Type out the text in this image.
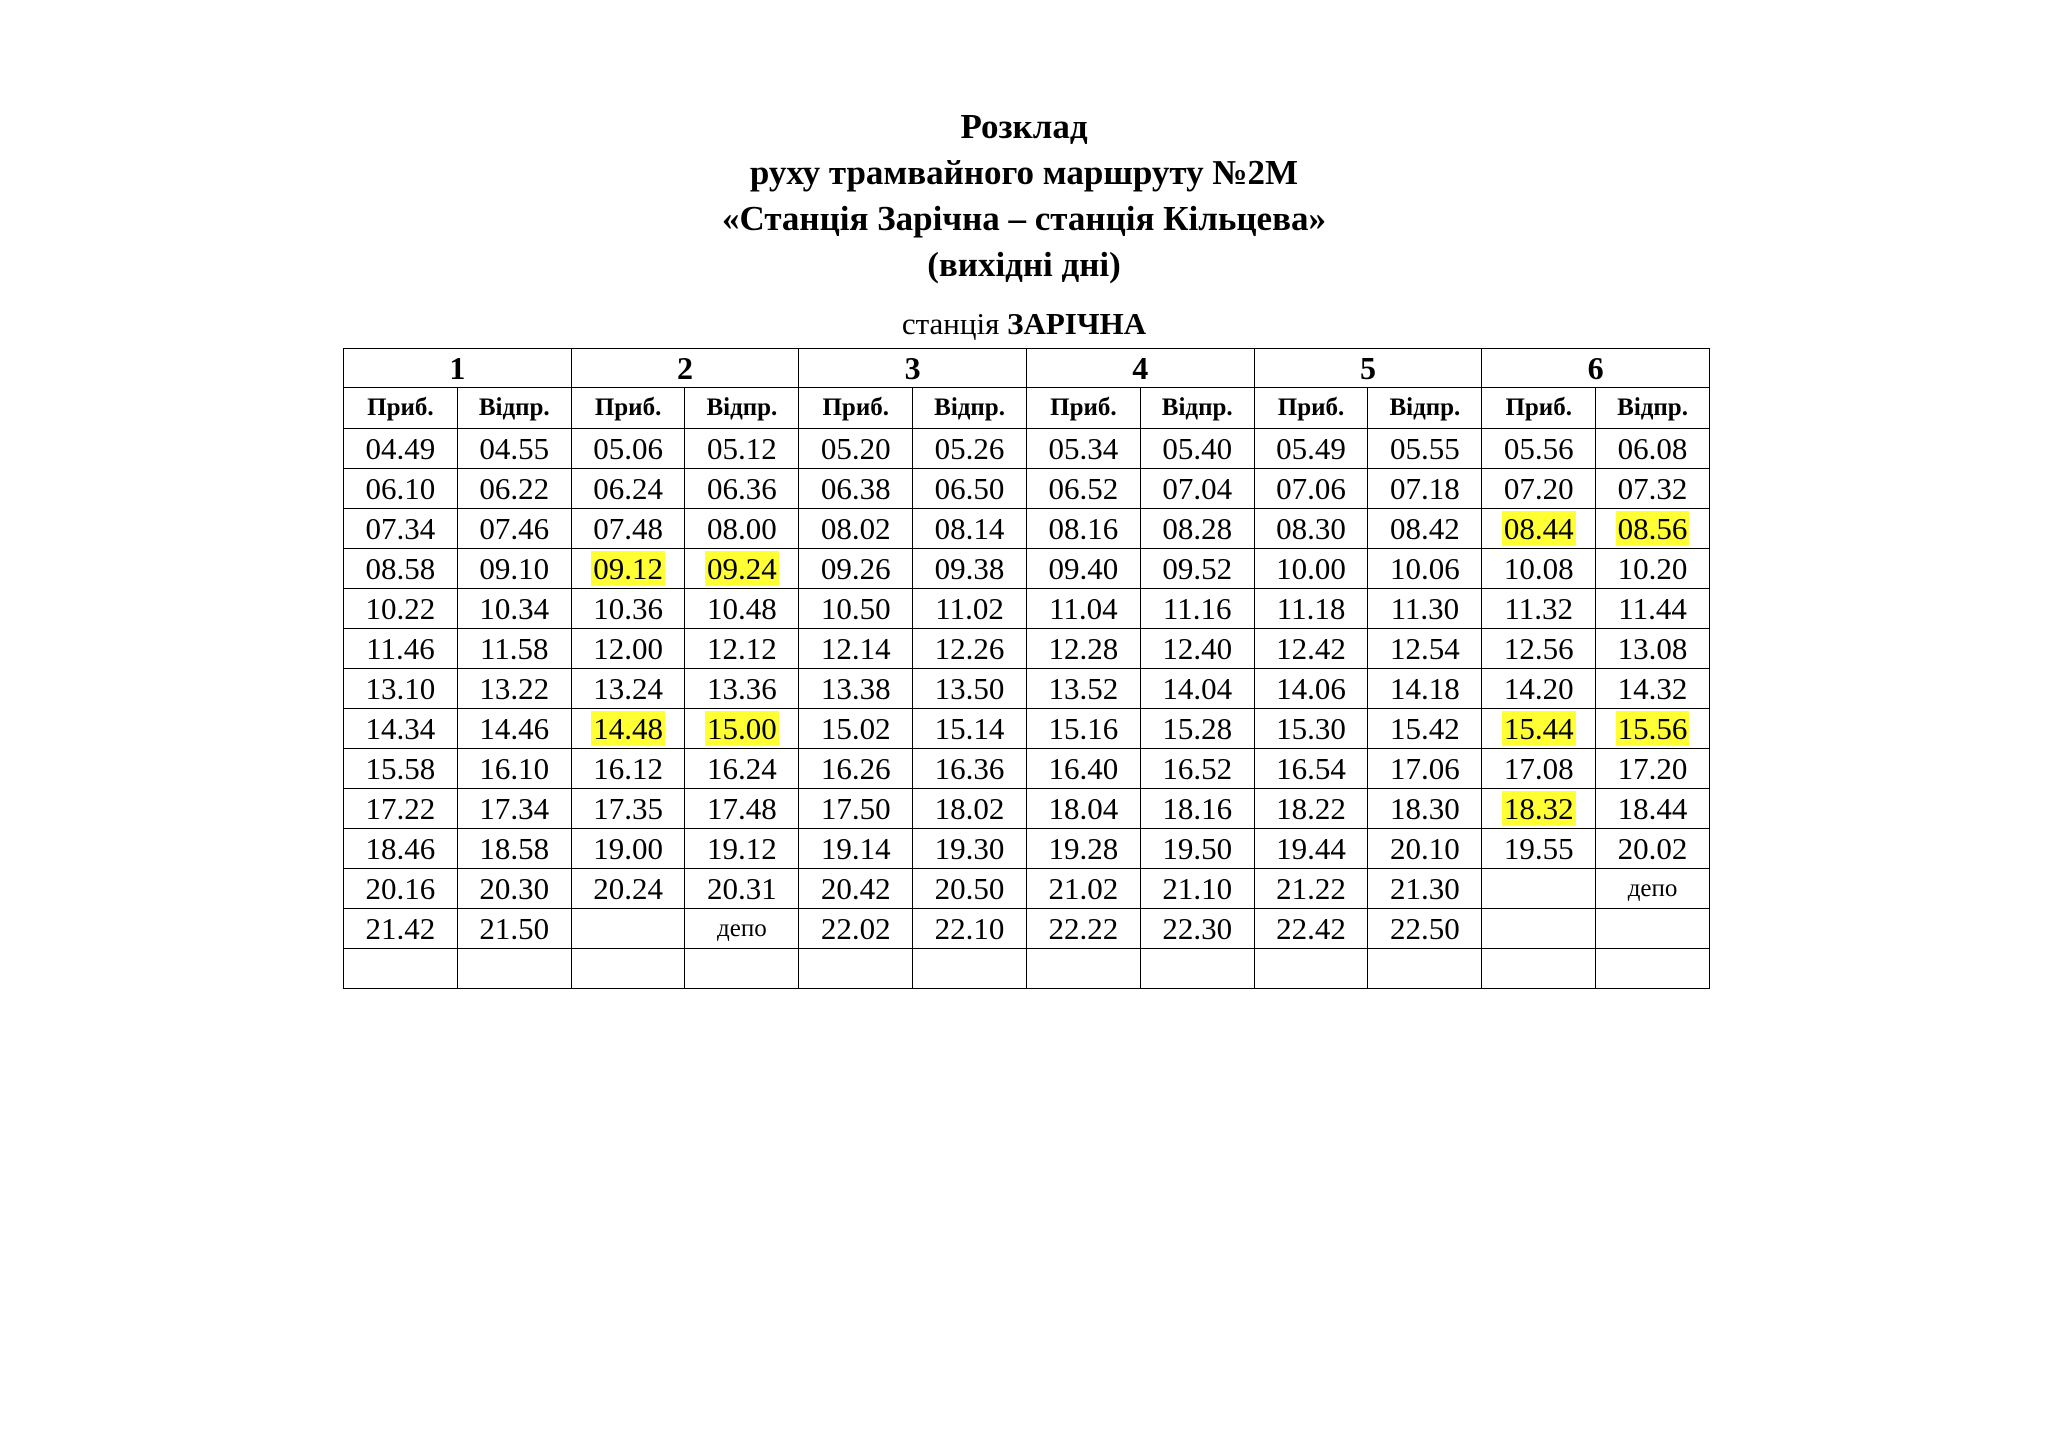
Розклад
руху трамвайного маршруту №2М
«Станція Зарічна – станція Кільцева»
(вихідні дні)
станція ЗАРІЧНА
1		2		3		4		5		6	
Приб.	Відпр.	Приб.	Відпр.	Приб.	Відпр.	Приб.	Відпр.	Приб.	Відпр.	Приб.	Відпр.
04.49	04.55	05.06	05.12	05.20	05.26	05.34	05.40	05.49	05.55	05.56	06.08
06.10	06.22	06.24	06.36	06.38	06.50	06.52	07.04	07.06	07.18	07.20	07.32
07.34	07.46	07.48	08.00	08.02	08.14	08.16	08.28	08.30	08.42	08.44	08.56
08.58	09.10	09.12	09.24	09.26	09.38	09.40	09.52	10.00	10.06	10.08	10.20
10.22	10.34	10.36	10.48	10.50	11.02	11.04	11.16	11.18	11.30	11.32	11.44
11.46	11.58	12.00	12.12	12.14	12.26	12.28	12.40	12.42	12.54	12.56	13.08
13.10	13.22	13.24	13.36	13.38	13.50	13.52	14.04	14.06	14.18	14.20	14.32
14.34	14.46	14.48	15.00	15.02	15.14	15.16	15.28	15.30	15.42	15.44	15.56
15.58	16.10	16.12	16.24	16.26	16.36	16.40	16.52	16.54	17.06	17.08	17.20
17.22	17.34	17.35	17.48	17.50	18.02	18.04	18.16	18.22	18.30	18.32	18.44
18.46	18.58	19.00	19.12	19.14	19.30	19.28	19.50	19.44	20.10	19.55	20.02
20.16	20.30	20.24	20.31	20.42	20.50	21.02	21.10	21.22	21.30		депо
21.42	21.50		депо	22.02	22.10	22.22	22.30	22.42	22.50		
